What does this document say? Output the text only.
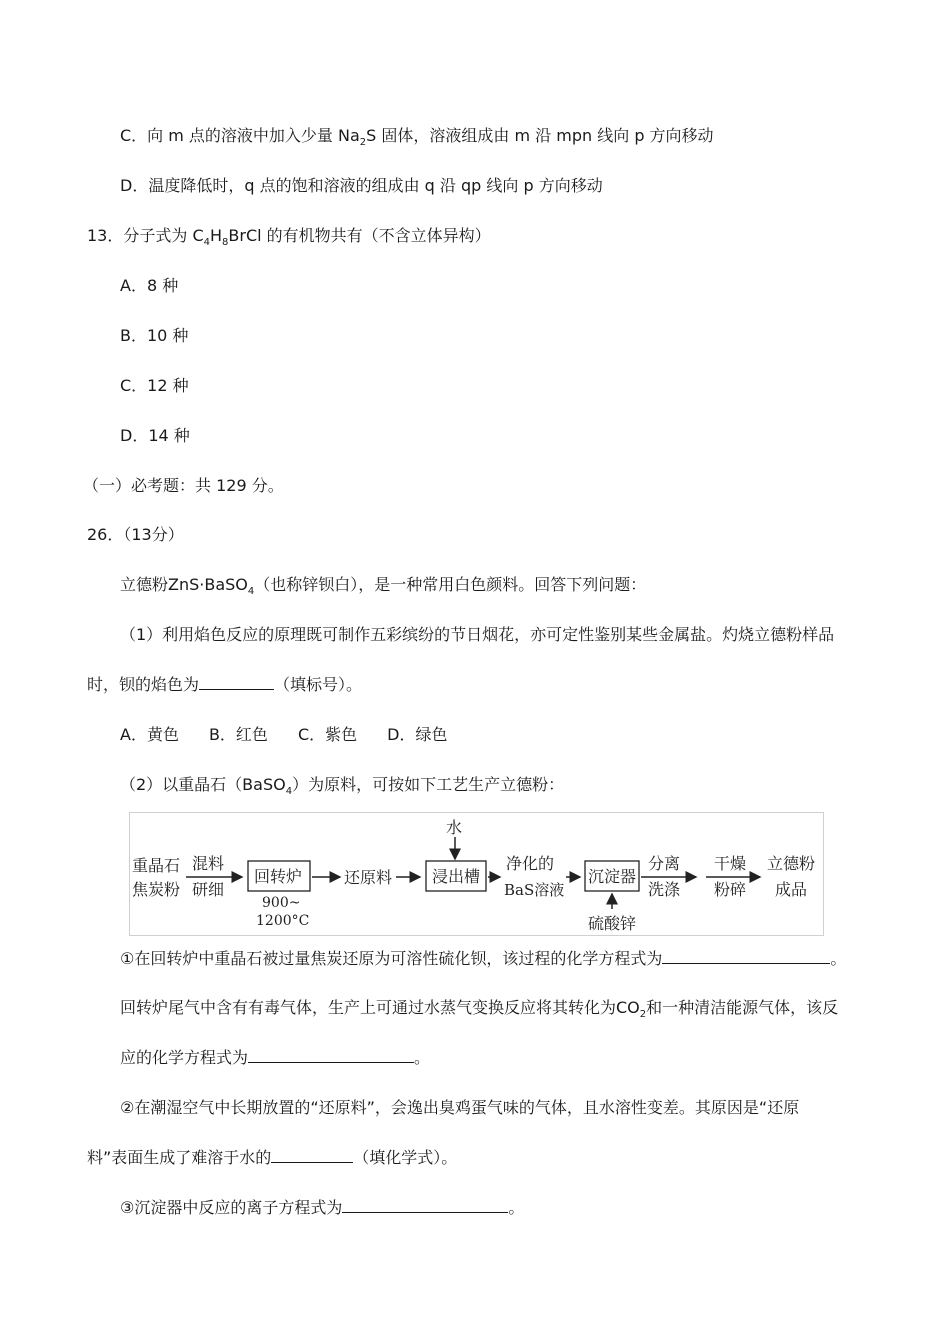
C．向 m 点的溶液中加入少量 $Na_2S$ 固体，溶液组成由 m 沿 mpn 线向 p 方向移动
D．温度降低时，q 点的饱和溶液的组成由 q 沿 qp 线向 p 方向移动
13．分子式为 $C_4H_8BrCl$ 的有机物共有（不含立体异构）
A．8 种
B．10 种
C．12 种
D．14 种
（一）必考题：共 129 分。
26．（13分）
立德粉ZnS·BaSO$_4$（也称锌钡白），是一种常用白色颜料。回答下列问题：
（1）利用焰色反应的原理既可制作五彩缤纷的节日烟花，亦可定性鉴别某些金属盐。灼烧立德粉样品
时，钡的焰色为	（填标号）。
A．黄色 B．红色 C．紫色 D．绿色
（2）以重晶石（BaSO$_4$）为原料，可按如下工艺生产立德粉：
重晶石
焦炭粉
混料
研细
回转炉
900~
1200°C
还原料
水
浸出槽
净化的
BaS溶液
沉淀器
硫酸锌
分离
洗涤
干燥
粉碎
立德粉
成品
①在回转炉中重晶石被过量焦炭还原为可溶性硫化钡，该过程的化学方程式为	。
回转炉尾气中含有有毒气体，生产上可通过水蒸气变换反应将其转化为$CO_2$和一种清洁能源气体，该反
应的化学方程式为	。
②在潮湿空气中长期放置的“还原料”，会逸出臭鸡蛋气味的气体，且水溶性变差。其原因是“还原
料”表面生成了难溶于水的	（填化学式）。
③沉淀器中反应的离子方程式为	。
